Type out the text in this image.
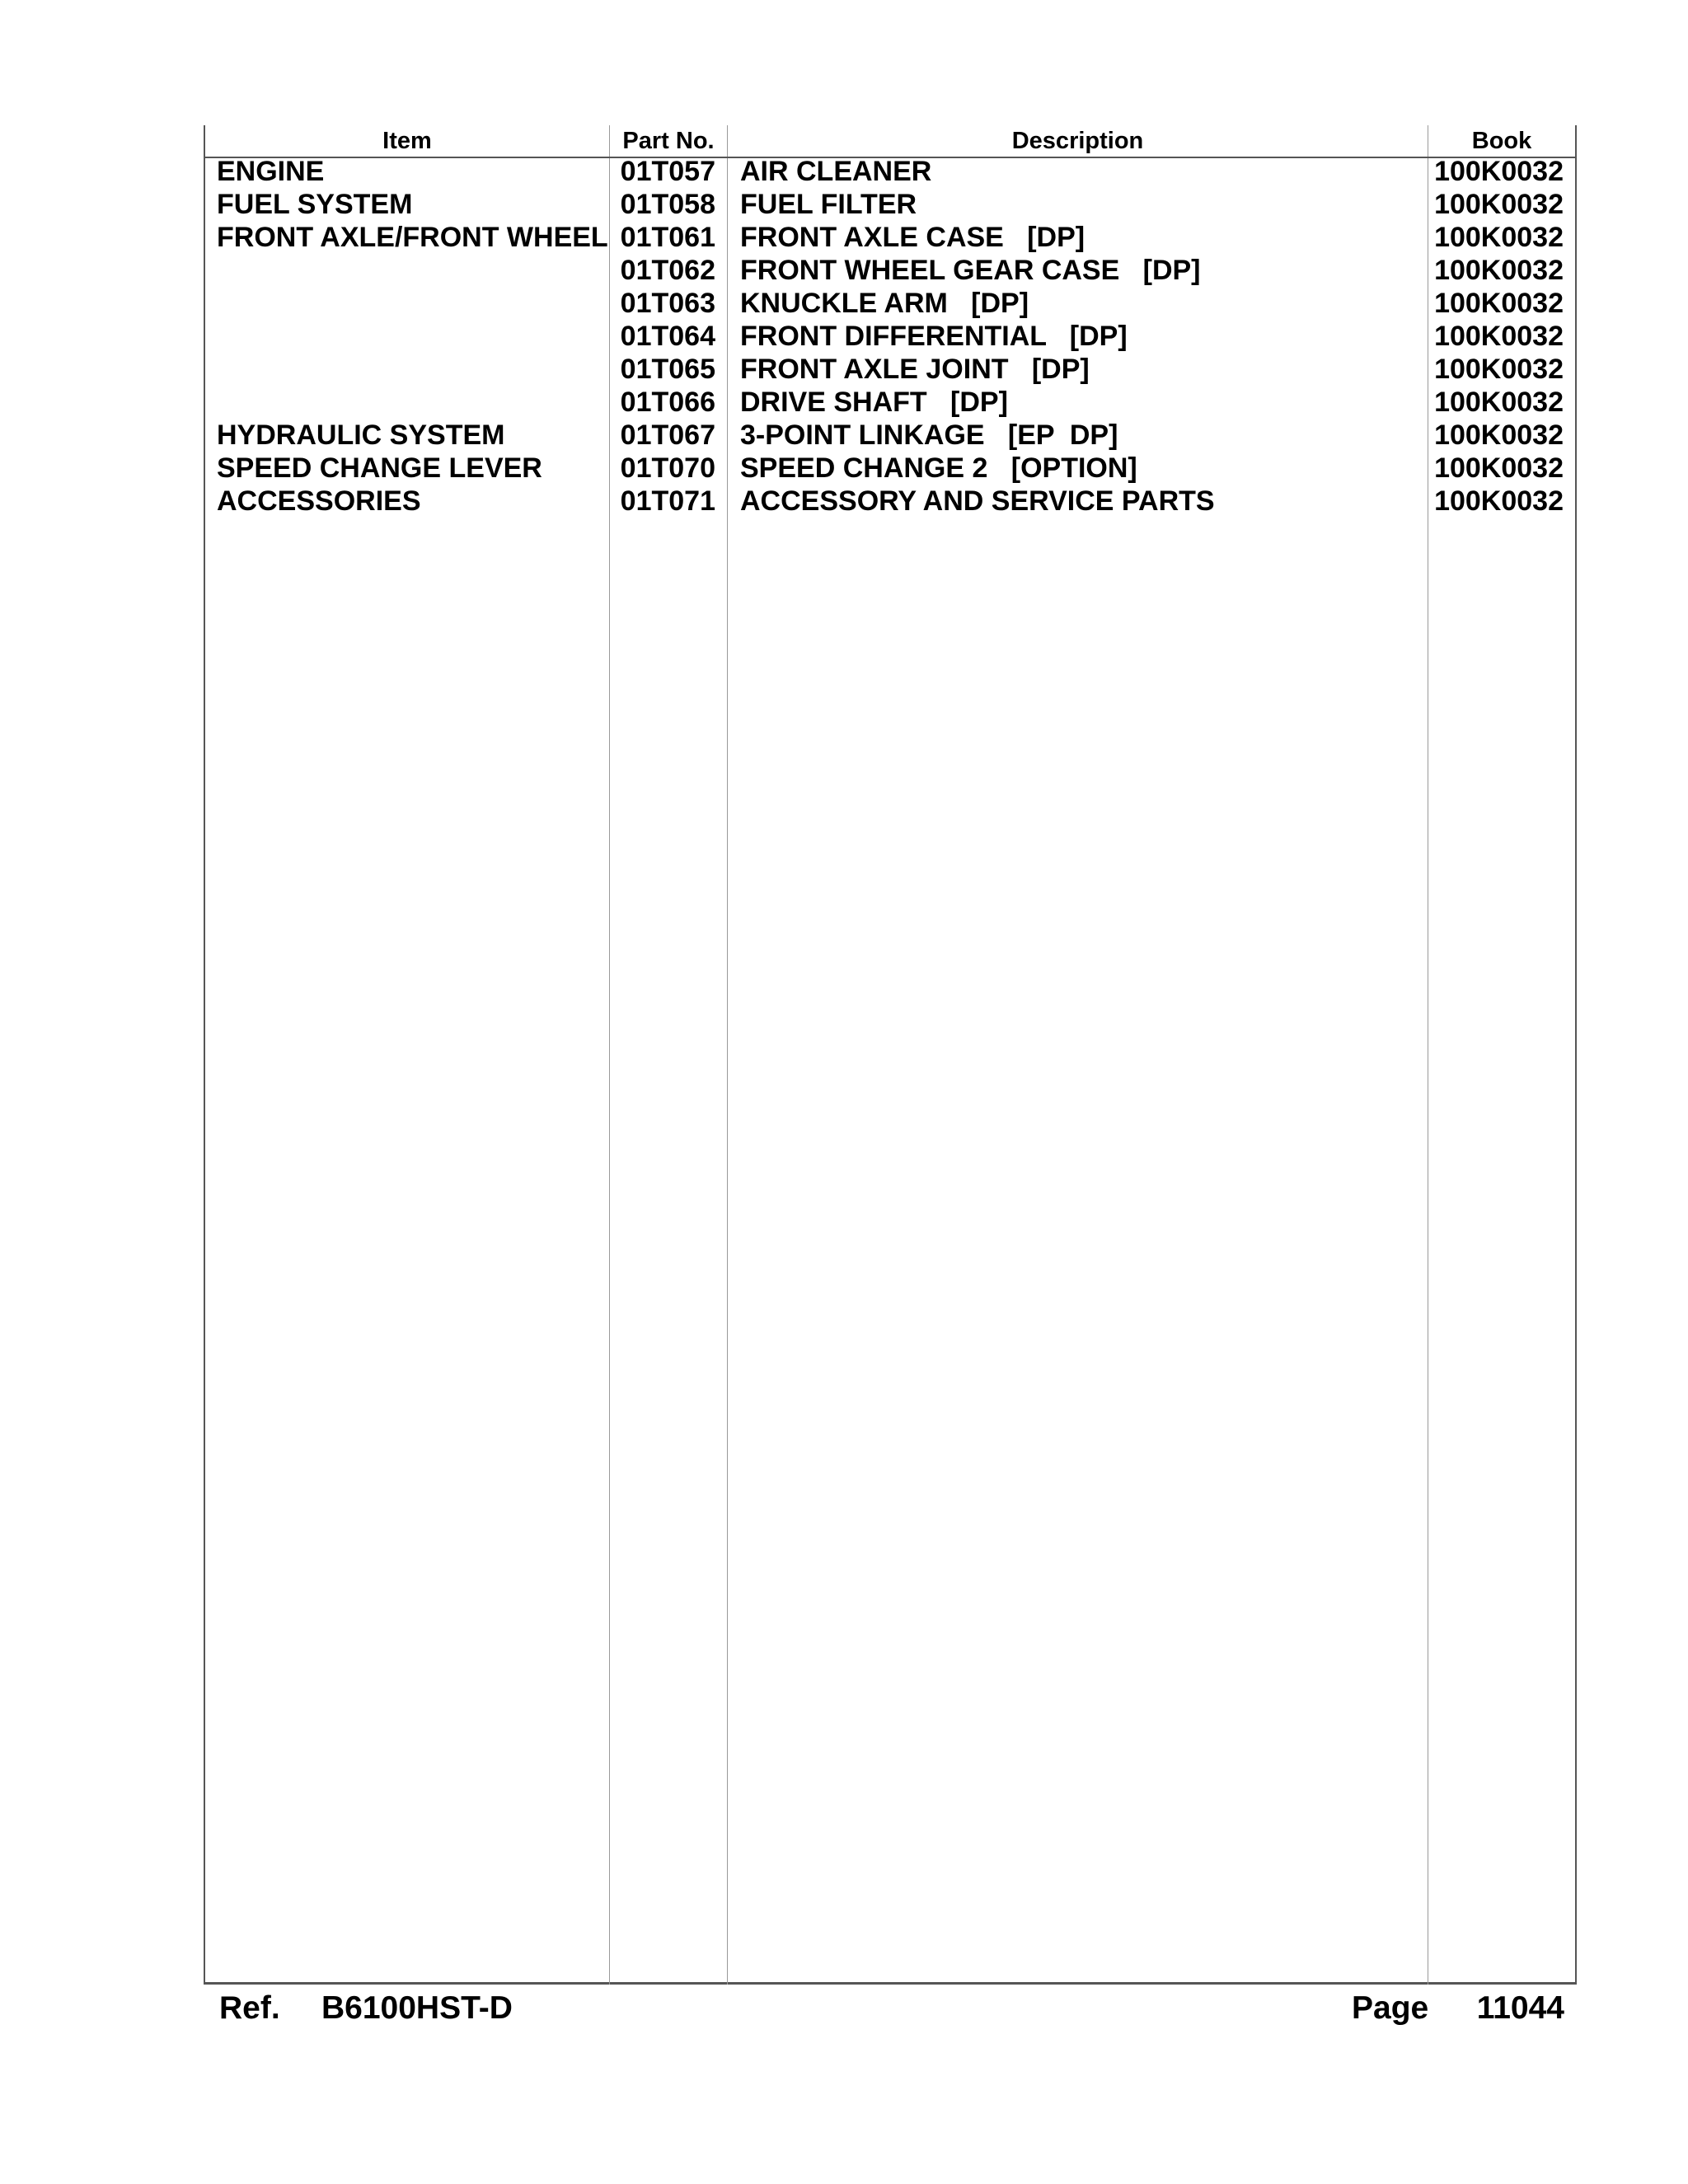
Item	Part No.	Description	Book
ENGINE	01T057 AIR CLEANER	100K0032
FUEL SYSTEM	01T058 FUEL FILTER	100K0032
FRONT AXLE/FRONT WHEEL 01T061 FRONT AXLE CASE   [DP]	100K0032
01T062 FRONT WHEEL GEAR CASE   [DP]	100K0032
01T063 KNUCKLE ARM   [DP]	100K0032
01T064 FRONT DIFFERENTIAL   [DP]	100K0032
01T065 FRONT AXLE JOINT   [DP]	100K0032
01T066 DRIVE SHAFT   [DP]	100K0032
HYDRAULIC SYSTEM	01T067 3-POINT LINKAGE   [EP  DP]	100K0032
SPEED CHANGE LEVER	01T070 SPEED CHANGE 2   [OPTION]	100K0032
ACCESSORIES	01T071 ACCESSORY AND SERVICE PARTS	100K0032
Ref. B6100HST-D	Page 11044
